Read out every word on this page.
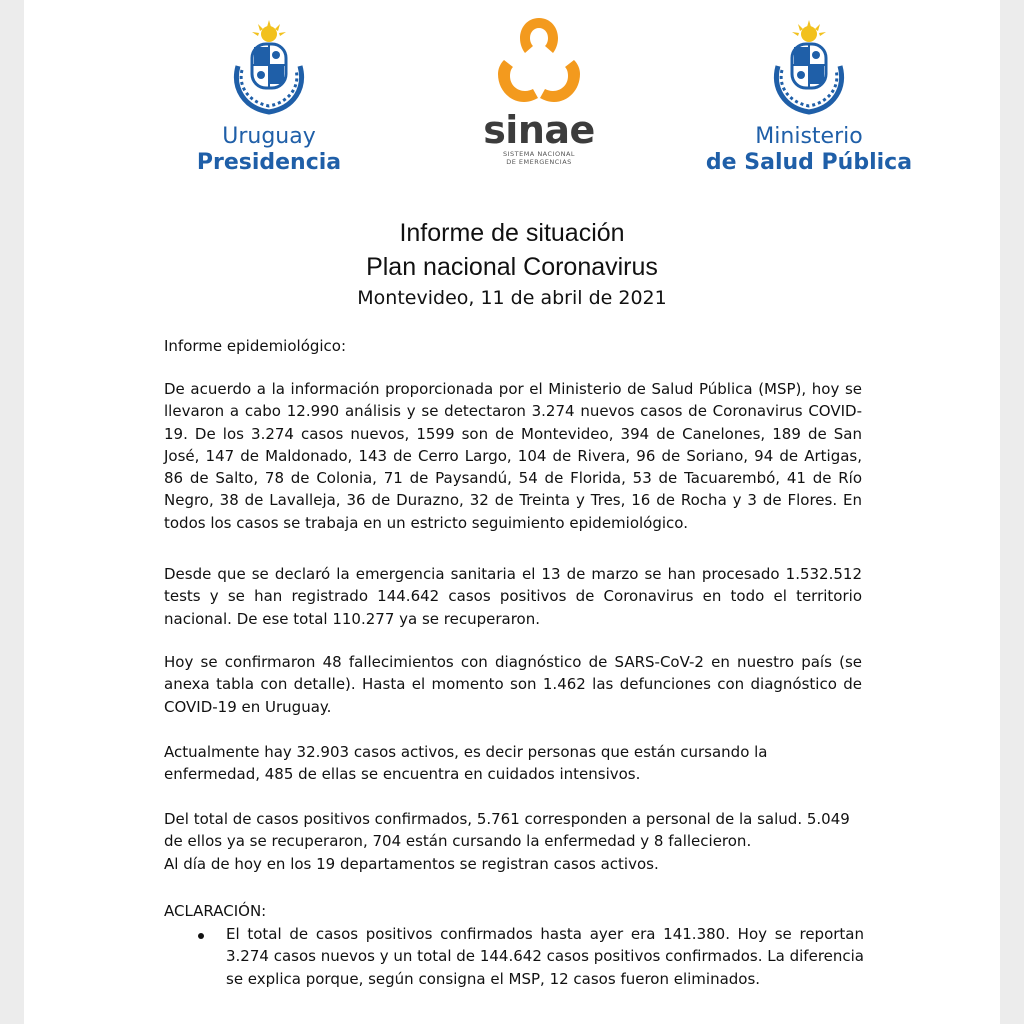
Uruguay
Presidencia
sinae
SISTEMA NACIONAL
DE EMERGENCIAS
Ministerio
de Salud Pública
Informe de situación
Plan nacional Coronavirus
Montevideo, 11 de abril de 2021
Informe epidemiológico:
De acuerdo a la información proporcionada por el Ministerio de Salud Pública (MSP), hoy se llevaron a cabo 12.990 análisis y se detectaron 3.274 nuevos casos de Coronavirus COVID-19. De los 3.274 casos nuevos, 1599 son de Montevideo, 394 de Canelones, 189 de San José, 147 de Maldonado, 143 de Cerro Largo, 104 de Rivera, 96 de Soriano, 94 de Artigas, 86 de Salto, 78 de Colonia, 71 de Paysandú, 54 de Florida, 53 de Tacuarembó, 41 de Río Negro, 38 de Lavalleja, 36 de Durazno, 32 de Treinta y Tres, 16 de Rocha y 3 de Flores. En todos los casos se trabaja en un estricto seguimiento epidemiológico.
Desde que se declaró la emergencia sanitaria el 13 de marzo se han procesado 1.532.512 tests y se han registrado 144.642 casos positivos de Coronavirus en todo el territorio nacional. De ese total 110.277 ya se recuperaron.
Hoy se confirmaron 48 fallecimientos con diagnóstico de SARS-CoV-2 en nuestro país (se anexa tabla con detalle). Hasta el momento son 1.462 las defunciones con diagnóstico de COVID-19 en Uruguay.
Actualmente hay 32.903 casos activos, es decir personas que están cursando la enfermedad, 485 de ellas se encuentra en cuidados intensivos.
Del total de casos positivos confirmados, 5.761 corresponden a personal de la salud. 5.049 de ellos ya se recuperaron, 704 están cursando la enfermedad y 8 fallecieron.
Al día de hoy en los 19 departamentos se registran casos activos.
ACLARACIÓN:
El total de casos positivos confirmados hasta ayer era 141.380. Hoy se reportan 3.274 casos nuevos y un total de 144.642 casos positivos confirmados. La diferencia se explica porque, según consigna el MSP, 12 casos fueron eliminados.
